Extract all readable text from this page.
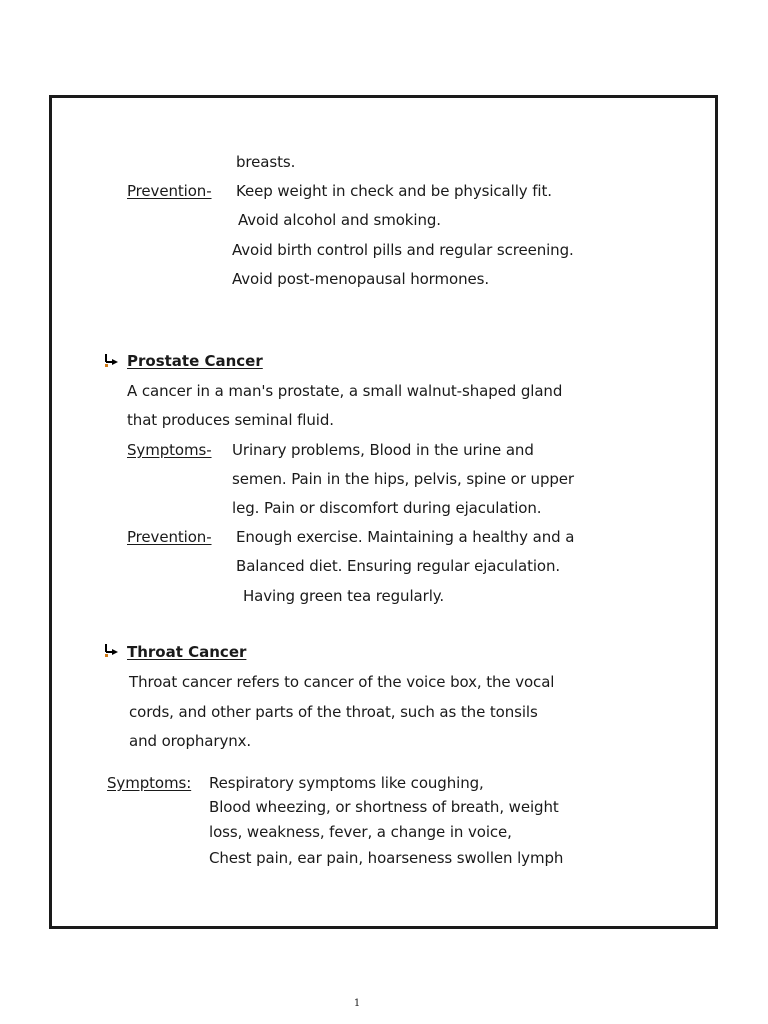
breasts.
Prevention- Keep weight in check and be physically fit.
Avoid alcohol and smoking.
Avoid birth control pills and regular screening.
Avoid post-menopausal hormones.
Prostate Cancer
A cancer in a man's prostate, a small walnut-shaped gland
that produces seminal fluid.
Symptoms- Urinary problems, Blood in the urine and
semen. Pain in the hips, pelvis, spine or upper
leg. Pain or discomfort during ejaculation.
Prevention- Enough exercise. Maintaining a healthy and a
Balanced diet. Ensuring regular ejaculation.
Having green tea regularly.
Throat Cancer
Throat cancer refers to cancer of the voice box, the vocal
cords, and other parts of the throat, such as the tonsils
and oropharynx.
Symptoms: Respiratory symptoms like coughing,
Blood wheezing, or shortness of breath, weight
loss, weakness, fever, a change in voice,
Chest pain, ear pain, hoarseness swollen lymph
1
